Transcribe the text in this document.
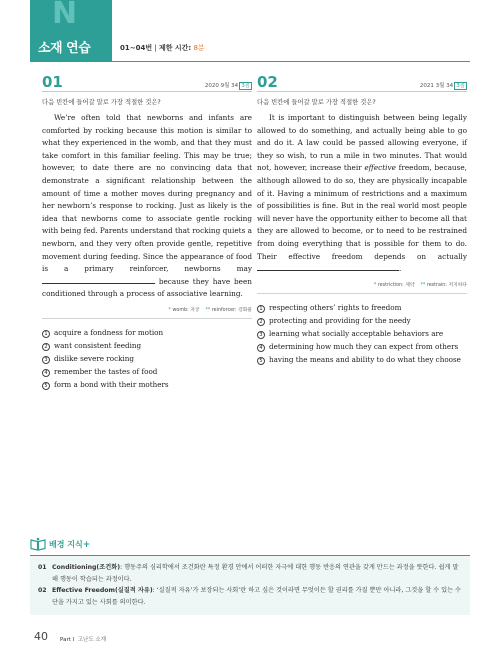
N
소재 연습	01~04번 | 제한 시간: 8분
01	2020 9월 34 3점
다음 빈칸에 들어갈 말로 가장 적절한 것은?

We’re often told that newborns and infants are comforted by rocking because this motion is similar to what they experienced in the womb, and that they must take comfort in this familiar feeling. This may be true; however, to date there are no convincing data that demonstrate a significant relationship between the amount of time a mother moves during pregnancy and her newborn’s response to rocking. Just as likely is the idea that newborns come to associate gentle rocking with being fed. Parents understand that rocking quiets a newborn, and they very often provide gentle, repetitive movement during feeding. Since the appearance of food is a primary reinforcer, newborns may  because they have been conditioned through a process of associative learning.

* womb: 자궁 ** reinforcer: 강화물
1 acquire a fondness for motion
2 want consistent feeding
3 dislike severe rocking
4 remember the tastes of food
5 form a bond with their mothers
02	2021 3월 34 3점
다음 빈칸에 들어갈 말로 가장 적절한 것은?

It is important to distinguish between being legally allowed to do something, and actually being able to go and do it. A law could be passed allowing everyone, if they so wish, to run a mile in two minutes. That would not, however, increase their effective freedom, because, although allowed to do so, they are physically incapable of it. Having a minimum of restrictions and a maximum of possibilities is fine. But in the real world most people will never have the opportunity either to become all that they are allowed to become, or to need to be restrained from doing everything that is possible for them to do. Their effective freedom depends on actually .

* restriction: 제약 ** restrain: 저지하다
1 respecting others’ rights to freedom
2 protecting and providing for the needy
3 learning what socially acceptable behaviors are
4 determining how much they can expect from others
5 having the means and ability to do what they choose
배경 지식+
01 Conditioning(조건화): 행동주의 심리학에서 조건화란 특정 환경 안에서 어떠한 자극에 대한 행동 반응의 연관을 갖게 만드는 과정을 뜻한다. 쉽게 말해 행동이 학습되는 과정이다.
02 Effective Freedom(실질적 자유): ‘실질적 자유’가 보장되는 사회’란 하고 싶은 것이라면 무엇이든 할 권리를 가질 뿐만 아니라, 그것을 할 수 있는 수단을 가지고 있는 사회를 의미한다.
40 Part Ⅰ 고난도 소재
